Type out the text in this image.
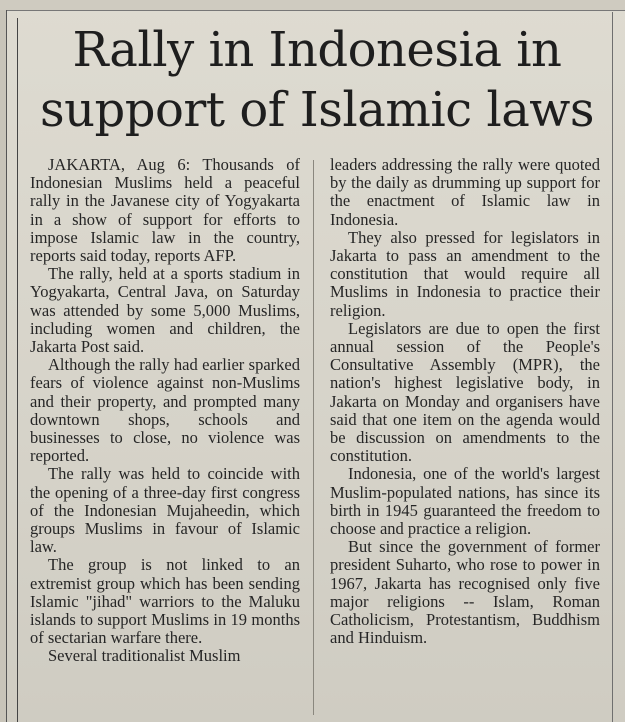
Rally in Indonesia in support of Islamic laws

JAKARTA, Aug 6: Thousands of Indonesian Muslims held a peaceful rally in the Javanese city of Yogyakarta in a show of support for efforts to impose Islamic law in the country, reports said today, reports AFP.

The rally, held at a sports stadium in Yogyakarta, Central Java, on Saturday was attended by some 5,000 Muslims, including women and children, the Jakarta Post said.

Although the rally had earlier sparked fears of violence against non-Muslims and their property, and prompted many downtown shops, schools and businesses to close, no violence was reported.

The rally was held to coincide with the opening of a three-day first congress of the Indonesian Mujaheedin, which groups Muslims in favour of Islamic law.

The group is not linked to an extremist group which has been sending Islamic "jihad" warriors to the Maluku islands to support Muslims in 19 months of sectarian warfare there.

Several traditionalist Muslim

leaders addressing the rally were quoted by the daily as drumming up support for the enactment of Islamic law in Indonesia.

They also pressed for legislators in Jakarta to pass an amendment to the constitution that would require all Muslims in Indonesia to practice their religion.

Legislators are due to open the first annual session of the People's Consultative Assembly (MPR), the nation's highest legislative body, in Jakarta on Monday and organisers have said that one item on the agenda would be discussion on amendments to the constitution.

Indonesia, one of the world's largest Muslim-populated nations, has since its birth in 1945 guaranteed the freedom to choose and practice a religion.

But since the government of former president Suharto, who rose to power in 1967, Jakarta has recognised only five major religions -- Islam, Roman Catholicism, Protestantism, Buddhism and Hinduism.
